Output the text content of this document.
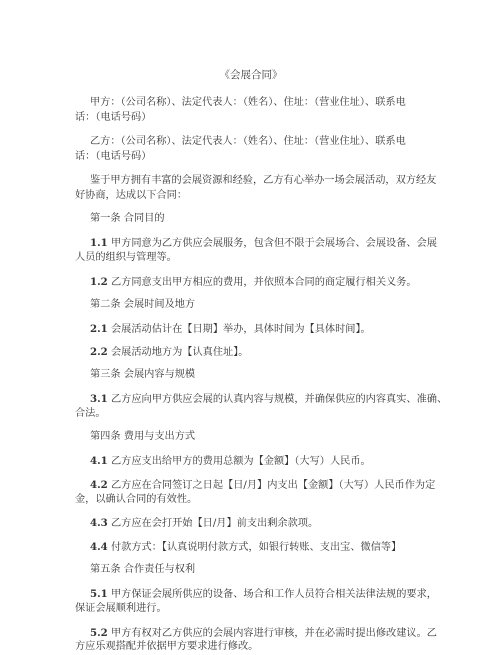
《会展合同》
甲方：（公司名称）、法定代表人：（姓名）、住址：（营业住址）、联系电
话：（电话号码）
乙方：（公司名称）、法定代表人：（姓名）、住址：（营业住址）、联系电
话：（电话号码）
鉴于甲方拥有丰富的会展资源和经验，乙方有心举办一场会展活动，双方经友
好协商，达成以下合同：
第一条 合同目的
1.1 甲方同意为乙方供应会展服务，包含但不限于会展场合、会展设备、会展
人员的组织与管理等。
1.2 乙方同意支出甲方相应的费用，并依照本合同的商定履行相关义务。
第二条 会展时间及地方
2.1 会展活动估计在【日期】举办，具体时间为【具体时间】。
2.2 会展活动地方为【认真住址】。
第三条 会展内容与规模
3.1 乙方应向甲方供应会展的认真内容与规模，并确保供应的内容真实、准确、
合法。
第四条 费用与支出方式
4.1 乙方应支出给甲方的费用总额为【金额】（大写）人民币。
4.2 乙方应在合同签订之日起【日/月】内支出【金额】（大写）人民币作为定
金，以确认合同的有效性。
4.3 乙方应在会打开始【日/月】前支出剩余款项。
4.4 付款方式：【认真说明付款方式，如银行转账、支出宝、微信等】
第五条 合作责任与权利
5.1 甲方保证会展所供应的设备、场合和工作人员符合相关法律法规的要求，
保证会展顺利进行。
5.2 甲方有权对乙方供应的会展内容进行审核，并在必需时提出修改建议。乙
方应乐观搭配并依据甲方要求进行修改。
